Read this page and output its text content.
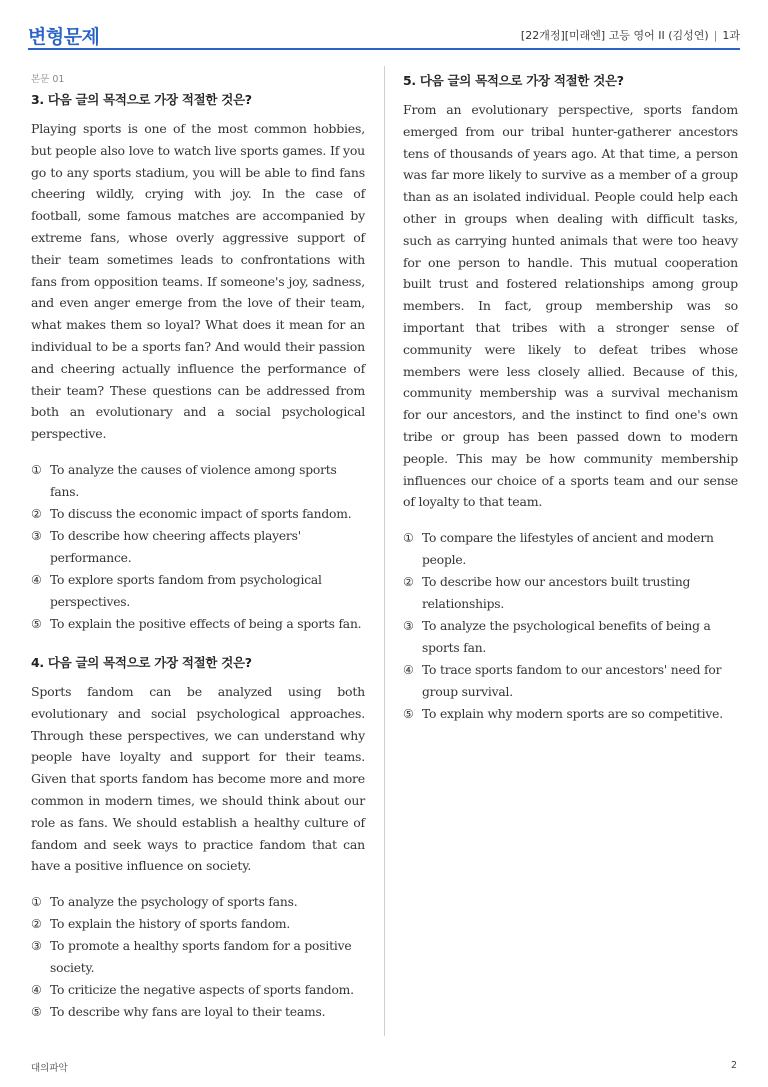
변형문제	[22개정][미래엔] 고등 영어 II (김성연) | 1과
본문 01
3. 다음 글의 목적으로 가장 적절한 것은?

Playing sports is one of the most common hobbies, but people also love to watch live sports games. If you go to any sports stadium, you will be able to find fans cheering wildly, crying with joy. In the case of football, some famous matches are accompanied by extreme fans, whose overly aggressive support of their team sometimes leads to confrontations with fans from opposition teams. If someone's joy, sadness, and even anger emerge from the love of their team, what makes them so loyal? What does it mean for an individual to be a sports fan? And would their passion and cheering actually influence the performance of their team? These questions can be addressed from both an evolutionary and a social psychological perspective.

① To analyze the causes of violence among sports fans.
② To discuss the economic impact of sports fandom.
③ To describe how cheering affects players' performance.
④ To explore sports fandom from psychological perspectives.
⑤ To explain the positive effects of being a sports fan.
4. 다음 글의 목적으로 가장 적절한 것은?

Sports fandom can be analyzed using both evolutionary and social psychological approaches. Through these perspectives, we can understand why people have loyalty and support for their teams. Given that sports fandom has become more and more common in modern times, we should think about our role as fans. We should establish a healthy culture of fandom and seek ways to practice fandom that can have a positive influence on society.

① To analyze the psychology of sports fans.
② To explain the history of sports fandom.
③ To promote a healthy sports fandom for a positive society.
④ To criticize the negative aspects of sports fandom.
⑤ To describe why fans are loyal to their teams.
5. 다음 글의 목적으로 가장 적절한 것은?

From an evolutionary perspective, sports fandom emerged from our tribal hunter-gatherer ancestors tens of thousands of years ago. At that time, a person was far more likely to survive as a member of a group than as an isolated individual. People could help each other in groups when dealing with difficult tasks, such as carrying hunted animals that were too heavy for one person to handle. This mutual cooperation built trust and fostered relationships among group members. In fact, group membership was so important that tribes with a stronger sense of community were likely to defeat tribes whose members were less closely allied. Because of this, community membership was a survival mechanism for our ancestors, and the instinct to find one's own tribe or group has been passed down to modern people. This may be how community membership influences our choice of a sports team and our sense of loyalty to that team.

① To compare the lifestyles of ancient and modern people.
② To describe how our ancestors built trusting relationships.
③ To analyze the psychological benefits of being a sports fan.
④ To trace sports fandom to our ancestors' need for group survival.
⑤ To explain why modern sports are so competitive.
대의파악	2
